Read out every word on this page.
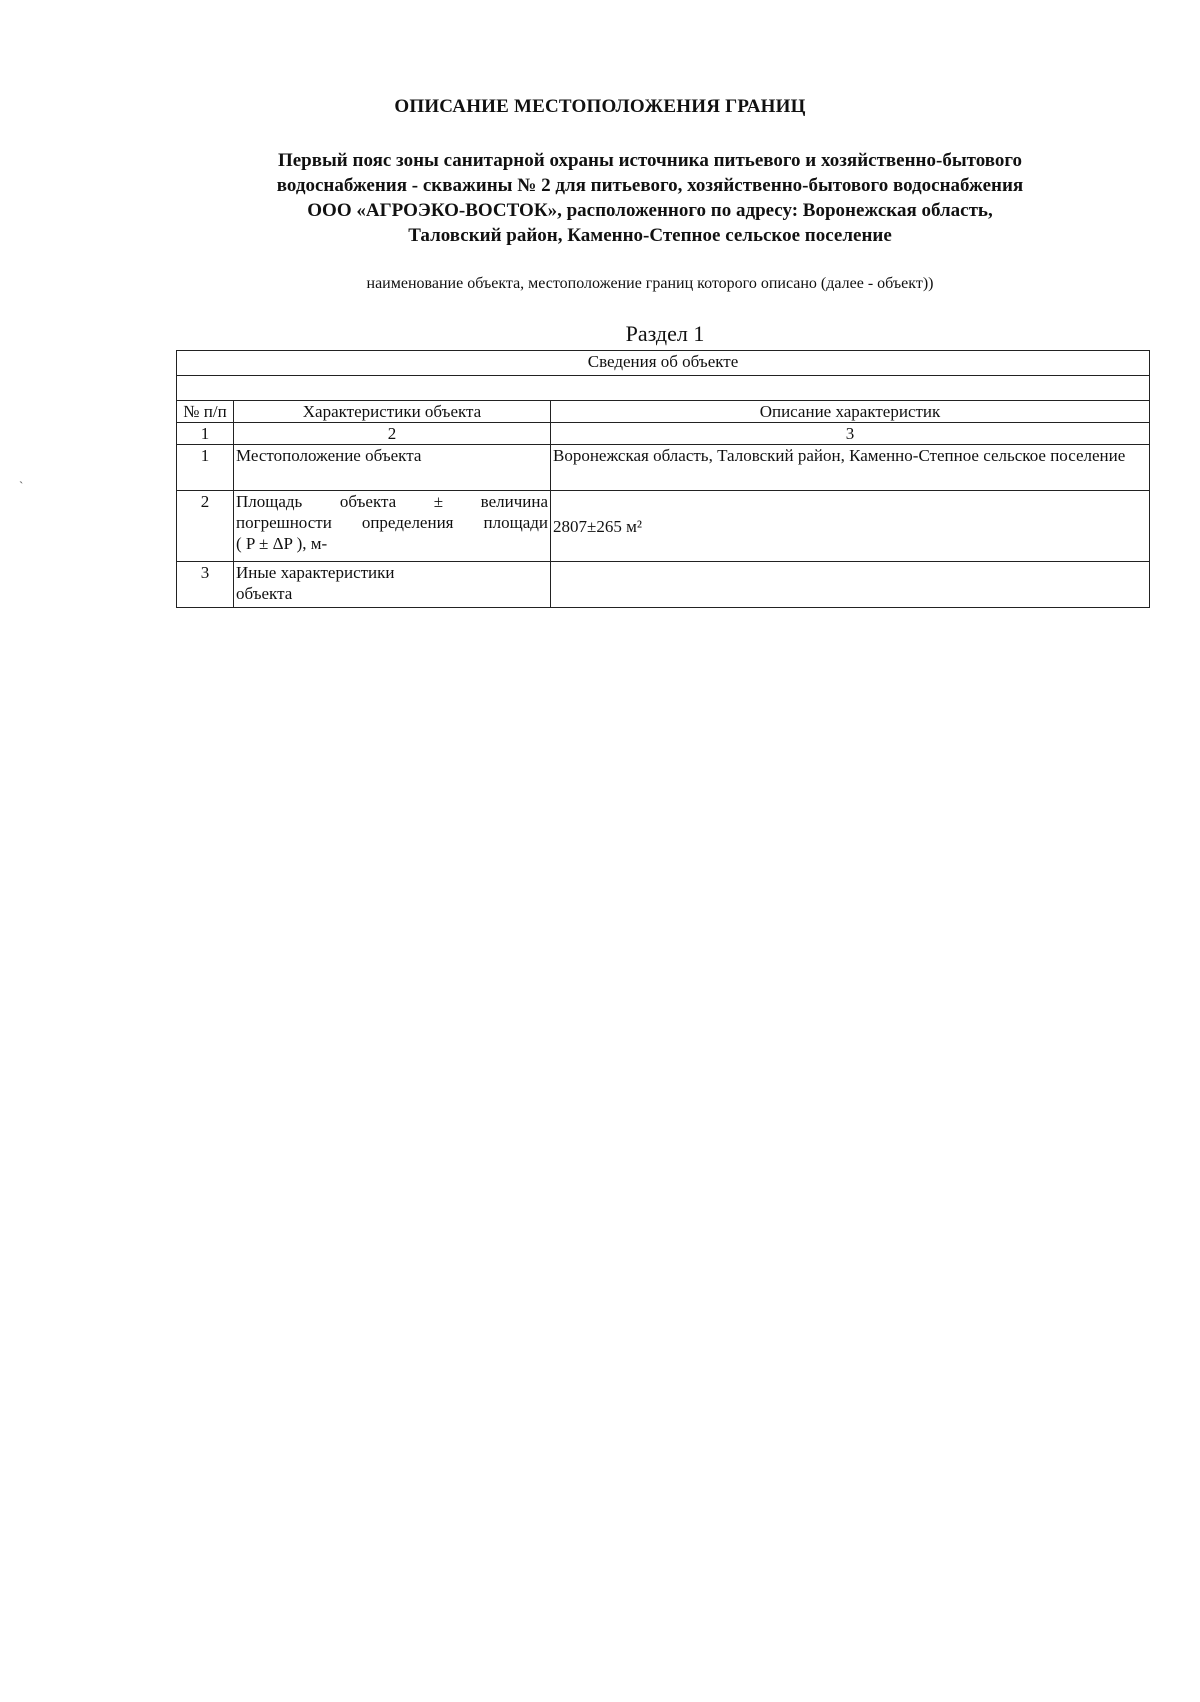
ОПИСАНИЕ МЕСТОПОЛОЖЕНИЯ ГРАНИЦ
Первый пояс зоны санитарной охраны источника питьевого и хозяйственно-бытового
водоснабжения - скважины № 2 для питьевого, хозяйственно-бытового водоснабжения
ООО «АГРОЭКО-ВОСТОК», расположенного по адресу: Воронежская область,
Таловский район, Каменно-Степное сельское поселение
наименование объекта, местоположение границ которого описано (далее - объект))
ˏ
Раздел 1
Сведения об объекте		

№ п/п	Характеристики объекта	Описание характеристик
1	2	3
1	Местоположение объекта	Воронежская область, Таловский район, Каменно-Степное сельское поселение
2	Площадь объекта ± величина
погрешности определения площади
( P ± ΔP ), м-	2807±265 м²
3	Иные характеристики
объекта	
